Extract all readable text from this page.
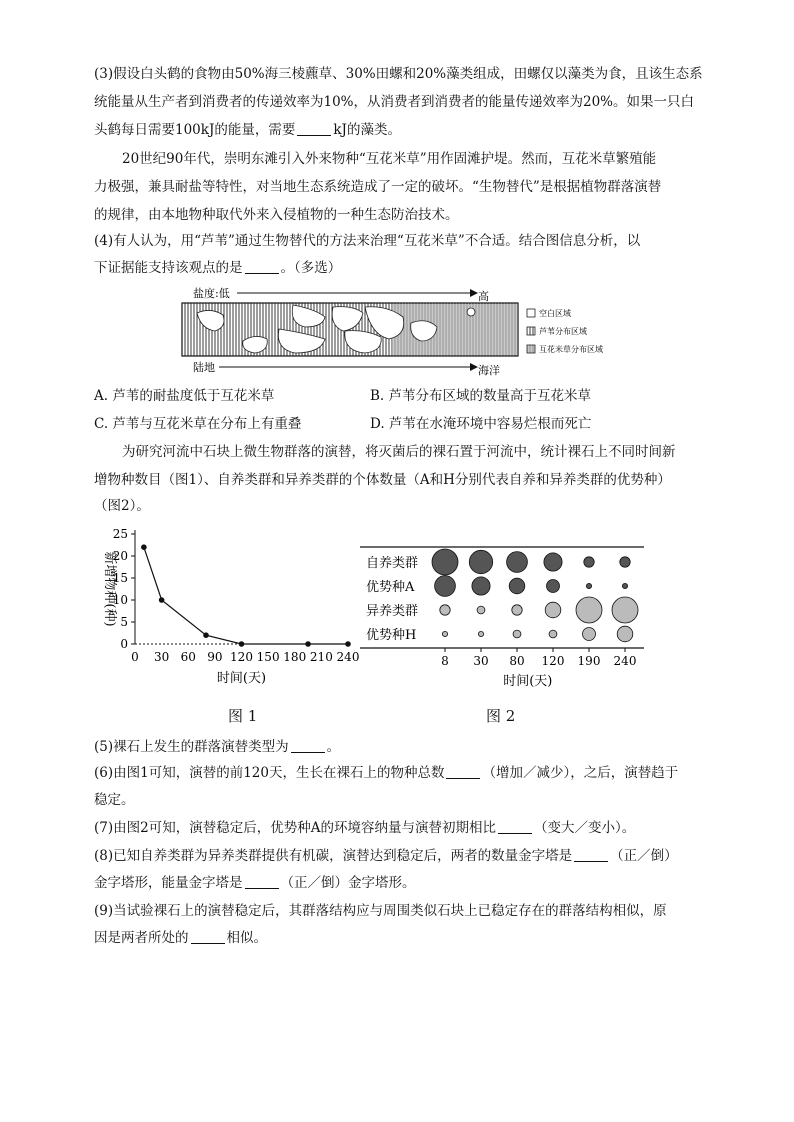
(3)假设白头鹤的食物由50%海三棱藨草、30%田螺和20%藻类组成，田螺仅以藻类为食，且该生态系
统能量从生产者到消费者的传递效率为10%，从消费者到消费者的能量传递效率为20%。如果一只白
头鹤每日需要100kJ的能量，需要	kJ的藻类。
20世纪90年代，崇明东滩引入外来物种“互花米草”用作固滩护堤。然而，互花米草繁殖能
力极强，兼具耐盐等特性，对当地生态系统造成了一定的破坏。“生物替代”是根据植物群落演替
的规律，由本地物种取代外来入侵植物的一种生态防治技术。
(4)有人认为，用“芦苇”通过生物替代的方法来治理“互花米草”不合适。结合图信息分析，以
下证据能支持该观点的是	。（多选）
盐度:低	高
空白区域
芦苇分布区域
互花米草分布区域
陆地	海洋
A. 芦苇的耐盐度低于互花米草	B. 芦苇分布区域的数量高于互花米草
C. 芦苇与互花米草在分布上有重叠	D. 芦苇在水淹环境中容易烂根而死亡
为研究河流中石块上微生物群落的演替，将灭菌后的裸石置于河流中，统计裸石上不同时间新
增物种数目（图1）、自养类群和异养类群的个体数量（A和H分别代表自养和异养类群的优势种）
（图2）。
0
5
10
15
20
25
0 30 60 90 120 150 180 210 240
新增物种(种)
时间(天)
自养类群
优势种A
异养类群
优势种H
8 30 80 120 190 240
时间(天)
图 1	图 2
(5)裸石上发生的群落演替类型为	。
(6)由图1可知，演替的前120天，生长在裸石上的物种总数	（增加／减少），之后，演替趋于
稳定。
(7)由图2可知，演替稳定后，优势种A的环境容纳量与演替初期相比	（变大／变小）。
(8)已知自养类群为异养类群提供有机碳，演替达到稳定后，两者的数量金字塔是	（正／倒）
金字塔形，能量金字塔是	（正／倒）金字塔形。
(9)当试验裸石上的演替稳定后，其群落结构应与周围类似石块上已稳定存在的群落结构相似，原
因是两者所处的	相似。
